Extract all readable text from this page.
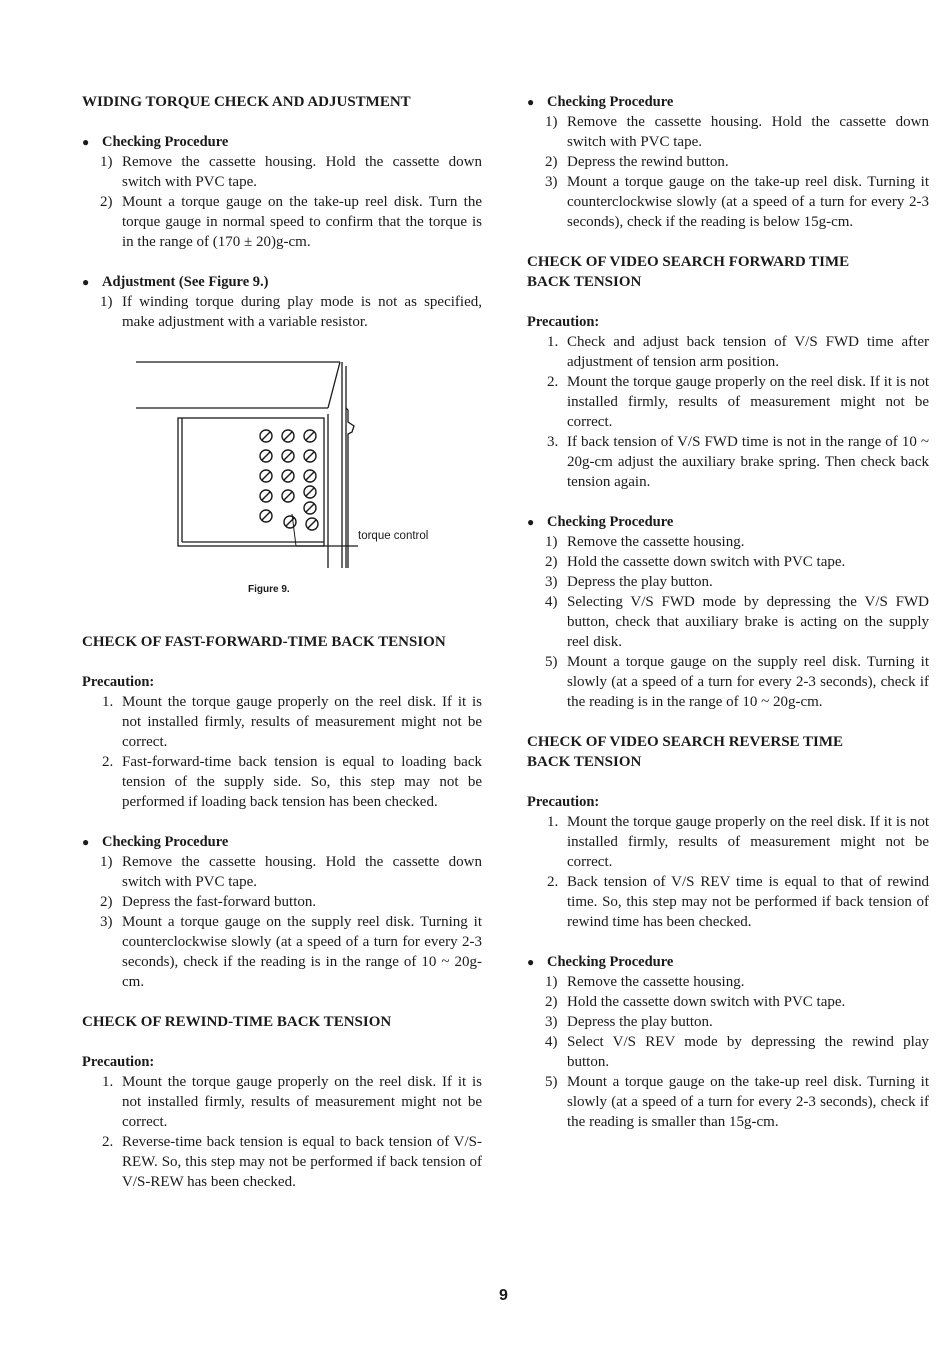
WIDING TORQUE CHECK AND ADJUSTMENT

● Checking Procedure

1) Remove the cassette housing. Hold the cassette down switch with PVC tape.
2) Mount a torque gauge on the take-up reel disk. Turn the torque gauge in normal speed to confirm that the torque is in the range of (170 ± 20)g-cm.

● Adjustment (See Figure 9.)

1) If winding torque during play mode is not as specified, make adjustment with a variable resistor.
torque control
Figure 9.

CHECK OF FAST-FORWARD-TIME BACK TENSION

Precaution:

1. Mount the torque gauge properly on the reel disk. If it is not installed firmly, results of measurement might not be correct.
2. Fast-forward-time back tension is equal to loading back tension of the supply side. So, this step may not be performed if loading back tension has been checked.

● Checking Procedure

1) Remove the cassette housing. Hold the cassette down switch with PVC tape.
2) Depress the fast-forward button.
3) Mount a torque gauge on the supply reel disk. Turning it counterclockwise slowly (at a speed of a turn for every 2-3 seconds), check if the reading is in the range of 10 ~ 20g-cm.

CHECK OF REWIND-TIME BACK TENSION

Precaution:

1. Mount the torque gauge properly on the reel disk. If it is not installed firmly, results of measurement might not be correct.
2. Reverse-time back tension is equal to back tension of V/S-REW. So, this step may not be performed if back tension of V/S-REW has been checked.

● Checking Procedure

1) Remove the cassette housing. Hold the cassette down switch with PVC tape.
2) Depress the rewind button.
3) Mount a torque gauge on the take-up reel disk. Turning it counterclockwise slowly (at a speed of a turn for every 2-3 seconds), check if the reading is below 15g-cm.

CHECK OF VIDEO SEARCH FORWARD TIME

BACK TENSION

Precaution:

1. Check and adjust back tension of V/S FWD time after adjustment of tension arm position.
2. Mount the torque gauge properly on the reel disk. If it is not installed firmly, results of measurement might not be correct.
3. If back tension of V/S FWD time is not in the range of 10 ~ 20g-cm adjust the auxiliary brake spring. Then check back tension again.

● Checking Procedure

1) Remove the cassette housing.
2) Hold the cassette down switch with PVC tape.
3) Depress the play button.
4) Selecting V/S FWD mode by depressing the V/S FWD button, check that auxiliary brake is acting on the supply reel disk.
5) Mount a torque gauge on the supply reel disk. Turning it slowly (at a speed of a turn for every 2-3 seconds), check if the reading is in the range of 10 ~ 20g-cm.

CHECK OF VIDEO SEARCH REVERSE TIME

BACK TENSION

Precaution:

1. Mount the torque gauge properly on the reel disk. If it is not installed firmly, results of measurement might not be correct.
2. Back tension of V/S REV time is equal to that of rewind time. So, this step may not be performed if back tension of rewind time has been checked.

● Checking Procedure

1) Remove the cassette housing.
2) Hold the cassette down switch with PVC tape.
3) Depress the play button.
4) Select V/S REV mode by depressing the rewind play button.
5) Mount a torque gauge on the take-up reel disk. Turning it slowly (at a speed of a turn for every 2-3 seconds), check if the reading is smaller than 15g-cm.
9
